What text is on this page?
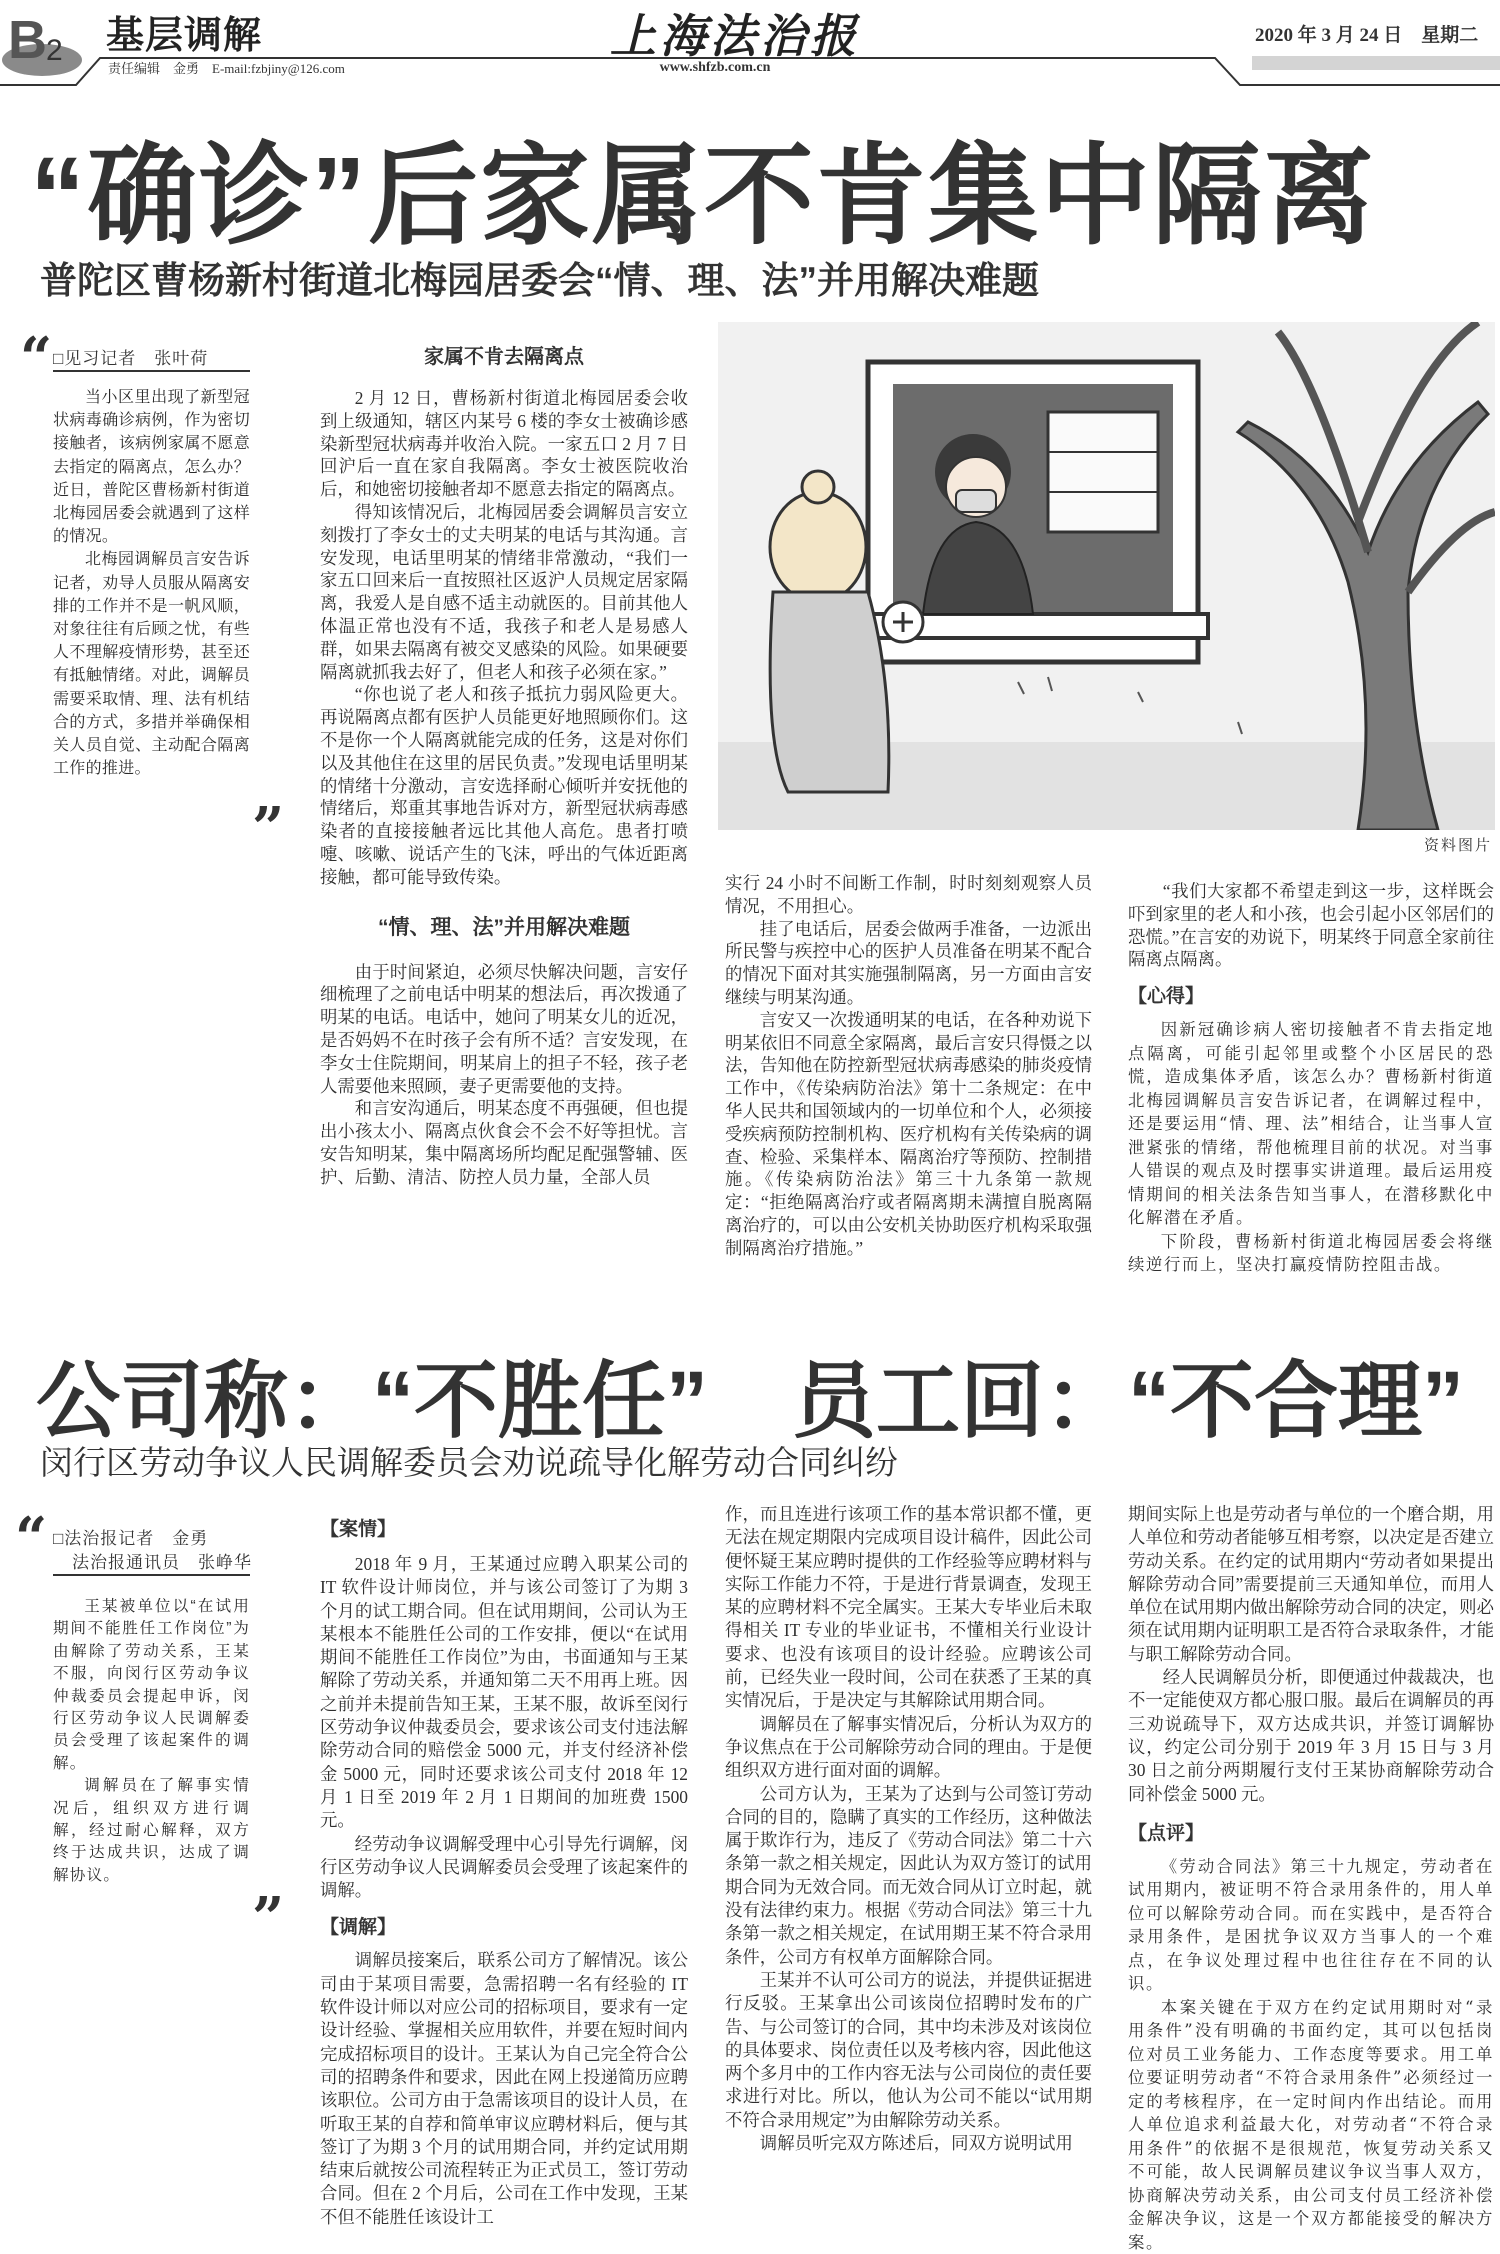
B 2 基层调解
责任编辑　金勇　E-mail:fzbjiny@126.com
上海法治报
www.shfzb.com.cn
2020 年 3 月 24 日　星期二
“确诊”后家属不肯集中隔离
普陀区曹杨新村街道北梅园居委会“情、理、法”并用解决难题
“ □见习记者　张叶荷

当小区里出现了新型冠状病毒确诊病例，作为密切接触者，该病例家属不愿意去指定的隔离点，怎么办？近日，普陀区曹杨新村街道北梅园居委会就遇到了这样的情况。

北梅园调解员言安告诉记者，劝导人员服从隔离安排的工作并不是一帆风顺，对象往往有后顾之忧，有些人不理解疫情形势，甚至还有抵触情绪。对此，调解员需要采取情、理、法有机结合的方式，多措并举确保相关人员自觉、主动配合隔离工作的推进。

”
家属不肯去隔离点

2 月 12 日，曹杨新村街道北梅园居委会收到上级通知，辖区内某号 6 楼的李女士被确诊感染新型冠状病毒并收治入院。一家五口 2 月 7 日回沪后一直在家自我隔离。李女士被医院收治后，和她密切接触者却不愿意去指定的隔离点。

得知该情况后，北梅园居委会调解员言安立刻拨打了李女士的丈夫明某的电话与其沟通。言安发现，电话里明某的情绪非常激动，“我们一家五口回来后一直按照社区返沪人员规定居家隔离，我爱人是自感不适主动就医的。目前其他人体温正常也没有不适，我孩子和老人是易感人群，如果去隔离有被交叉感染的风险。如果硬要隔离就抓我去好了，但老人和孩子必须在家。”

“你也说了老人和孩子抵抗力弱风险更大。再说隔离点都有医护人员能更好地照顾你们。这不是你一个人隔离就能完成的任务，这是对你们以及其他住在这里的居民负责。”发现电话里明某的情绪十分激动，言安选择耐心倾听并安抚他的情绪后，郑重其事地告诉对方，新型冠状病毒感染者的直接接触者远比其他人高危。患者打喷嚏、咳嗽、说话产生的飞沫，呼出的气体近距离接触，都可能导致传染。

“情、理、法”并用解决难题

由于时间紧迫，必须尽快解决问题，言安仔细梳理了之前电话中明某的想法后，再次拨通了明某的电话。电话中，她问了明某女儿的近况，是否妈妈不在时孩子会有所不适？言安发现，在李女士住院期间，明某肩上的担子不轻，孩子老人需要他来照顾，妻子更需要他的支持。

和言安沟通后，明某态度不再强硬，但也提出小孩太小、隔离点伙食会不会不好等担忧。言安告知明某，集中隔离场所均配足配强警辅、医护、后勤、清洁、防控人员力量，全部人员

资料图片

实行 24 小时不间断工作制，时时刻刻观察人员情况，不用担心。

挂了电话后，居委会做两手准备，一边派出所民警与疾控中心的医护人员准备在明某不配合的情况下面对其实施强制隔离，另一方面由言安继续与明某沟通。

言安又一次拨通明某的电话，在各种劝说下明某依旧不同意全家隔离，最后言安只得慑之以法，告知他在防控新型冠状病毒感染的肺炎疫情工作中，《传染病防治法》第十二条规定：在中华人民共和国领域内的一切单位和个人，必须接受疾病预防控制机构、医疗机构有关传染病的调查、检验、采集样本、隔离治疗等预防、控制措施。《传染病防治法》第三十九条第一款规定：“拒绝隔离治疗或者隔离期未满擅自脱离隔离治疗的，可以由公安机关协助医疗机构采取强制隔离治疗措施。”

“我们大家都不希望走到这一步，这样既会吓到家里的老人和小孩，也会引起小区邻居们的恐慌。”在言安的劝说下，明某终于同意全家前往隔离点隔离。

【心得】

因新冠确诊病人密切接触者不肯去指定地点隔离，可能引起邻里或整个小区居民的恐慌，造成集体矛盾，该怎么办？曹杨新村街道北梅园调解员言安告诉记者，在调解过程中，还是要运用“情、理、法”相结合，让当事人宣泄紧张的情绪，帮他梳理目前的状况。对当事人错误的观点及时摆事实讲道理。最后运用疫情期间的相关法条告知当事人，在潜移默化中化解潜在矛盾。

下阶段，曹杨新村街道北梅园居委会将继续逆行而上，坚决打赢疫情防控阻击战。

公司称：“不胜任”　员工回：“不合理”
闵行区劳动争议人民调解委员会劝说疏导化解劳动合同纠纷
“ □法治报记者　金勇
法治报通讯员　张峥华

王某被单位以“在试用期间不能胜任工作岗位”为由解除了劳动关系，王某不服，向闵行区劳动争议仲裁委员会提起申诉，闵行区劳动争议人民调解委员会受理了该起案件的调解。

调解员在了解事实情况后，组织双方进行调解，经过耐心解释，双方终于达成共识，达成了调解协议。

”
【案情】

2018 年 9 月，王某通过应聘入职某公司的 IT 软件设计师岗位，并与该公司签订了为期 3 个月的试工期合同。但在试用期间，公司认为王某根本不能胜任公司的工作安排，便以“在试用期间不能胜任工作岗位”为由，书面通知与王某解除了劳动关系，并通知第二天不用再上班。因之前并未提前告知王某，王某不服，故诉至闵行区劳动争议仲裁委员会，要求该公司支付违法解除劳动合同的赔偿金 5000 元，并支付经济补偿金 5000 元，同时还要求该公司支付 2018 年 12 月 1 日至 2019 年 2 月 1 日期间的加班费 1500 元。

经劳动争议调解受理中心引导先行调解，闵行区劳动争议人民调解委员会受理了该起案件的调解。

【调解】

调解员接案后，联系公司方了解情况。该公司由于某项目需要，急需招聘一名有经验的 IT 软件设计师以对应公司的招标项目，要求有一定设计经验、掌握相关应用软件，并要在短时间内完成招标项目的设计。王某认为自己完全符合公司的招聘条件和要求，因此在网上投递简历应聘该职位。公司方由于急需该项目的设计人员，在听取王某的自荐和简单审议应聘材料后，便与其签订了为期 3 个月的试用期合同，并约定试用期结束后就按公司流程转正为正式员工，签订劳动合同。但在 2 个月后，公司在工作中发现，王某不但不能胜任该设计工

作，而且连进行该项工作的基本常识都不懂，更无法在规定期限内完成项目设计稿件，因此公司便怀疑王某应聘时提供的工作经验等应聘材料与实际工作能力不符，于是进行背景调查，发现王某的应聘材料不完全属实。王某大专毕业后未取得相关 IT 专业的毕业证书，不懂相关行业设计要求、也没有该项目的设计经验。应聘该公司前，已经失业一段时间，公司在获悉了王某的真实情况后，于是决定与其解除试用期合同。

调解员在了解事实情况后，分析认为双方的争议焦点在于公司解除劳动合同的理由。于是便组织双方进行面对面的调解。

公司方认为，王某为了达到与公司签订劳动合同的目的，隐瞒了真实的工作经历，这种做法属于欺诈行为，违反了《劳动合同法》第二十六条第一款之相关规定，因此认为双方签订的试用期合同为无效合同。而无效合同从订立时起，就没有法律约束力。根据《劳动合同法》第三十九条第一款之相关规定，在试用期王某不符合录用条件，公司方有权单方面解除合同。

王某并不认可公司方的说法，并提供证据进行反驳。王某拿出公司该岗位招聘时发布的广告、与公司签订的合同，其中均未涉及对该岗位的具体要求、岗位责任以及考核内容，因此他这两个多月中的工作内容无法与公司岗位的责任要求进行对比。所以，他认为公司不能以“试用期不符合录用规定”为由解除劳动关系。

调解员听完双方陈述后，同双方说明试用

期间实际上也是劳动者与单位的一个磨合期，用人单位和劳动者能够互相考察，以决定是否建立劳动关系。在约定的试用期内“劳动者如果提出解除劳动合同”需要提前三天通知单位，而用人单位在试用期内做出解除劳动合同的决定，则必须在试用期内证明职工是否符合录取条件，才能与职工解除劳动合同。

经人民调解员分析，即便通过仲裁裁决，也不一定能使双方都心服口服。最后在调解员的再三劝说疏导下，双方达成共识，并签订调解协议，约定公司分别于 2019 年 3 月 15 日与 3 月 30 日之前分两期履行支付王某协商解除劳动合同补偿金 5000 元。

【点评】

《劳动合同法》第三十九规定，劳动者在试用期内，被证明不符合录用条件的，用人单位可以解除劳动合同。而在实践中，是否符合录用条件，是困扰争议双方当事人的一个难点，在争议处理过程中也往往存在不同的认识。

本案关键在于双方在约定试用期时对“录用条件”没有明确的书面约定，其可以包括岗位对员工业务能力、工作态度等要求。用工单位要证明劳动者“不符合录用条件”必须经过一定的考核程序，在一定时间内作出结论。而用人单位追求利益最大化，对劳动者“不符合录用条件”的依据不是很规范，恢复劳动关系又不可能，故人民调解员建议争议当事人双方，协商解决劳动关系，由公司支付员工经济补偿金解决争议，这是一个双方都能接受的解决方案。
